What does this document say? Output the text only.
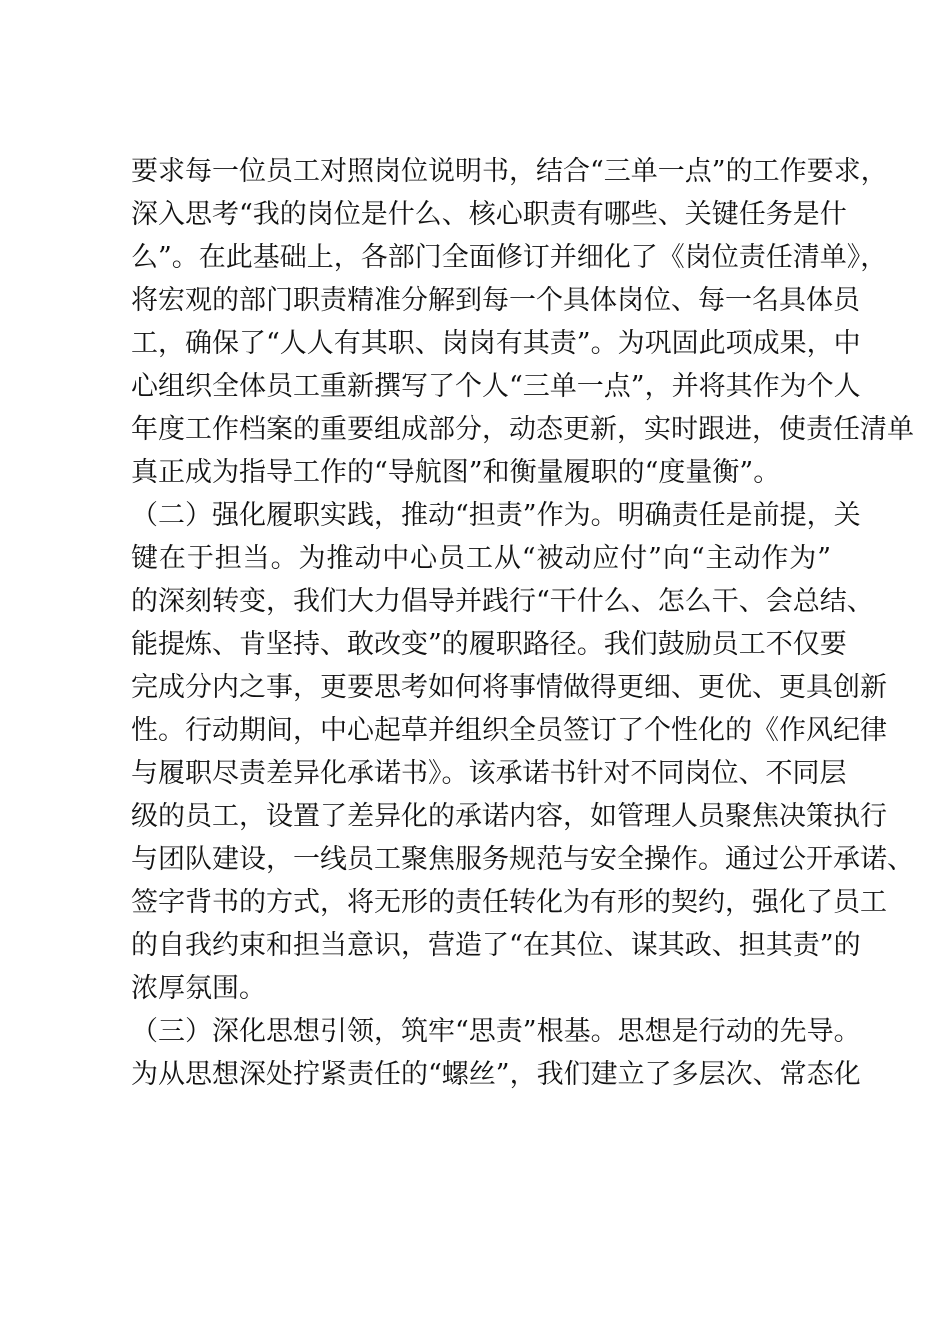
要求每一位员工对照岗位说明书，结合“三单一点”的工作要求，
深入思考“我的岗位是什么、核心职责有哪些、关键任务是什
么”。在此基础上，各部门全面修订并细化了《岗位责任清单》，
将宏观的部门职责精准分解到每一个具体岗位、每一名具体员
工，确保了“人人有其职、岗岗有其责”。为巩固此项成果，中
心组织全体员工重新撰写了个人“三单一点”，并将其作为个人
年度工作档案的重要组成部分，动态更新，实时跟进，使责任清单
真正成为指导工作的“导航图”和衡量履职的“度量衡”。
（二）强化履职实践，推动“担责”作为。明确责任是前提，关
键在于担当。为推动中心员工从“被动应付”向“主动作为”
的深刻转变，我们大力倡导并践行“干什么、怎么干、会总结、
能提炼、肯坚持、敢改变”的履职路径。我们鼓励员工不仅要
完成分内之事，更要思考如何将事情做得更细、更优、更具创新
性。行动期间，中心起草并组织全员签订了个性化的《作风纪律
与履职尽责差异化承诺书》。该承诺书针对不同岗位、不同层
级的员工，设置了差异化的承诺内容，如管理人员聚焦决策执行
与团队建设，一线员工聚焦服务规范与安全操作。通过公开承诺、
签字背书的方式，将无形的责任转化为有形的契约，强化了员工
的自我约束和担当意识，营造了“在其位、谋其政、担其责”的
浓厚氛围。
（三）深化思想引领，筑牢“思责”根基。思想是行动的先导。
为从思想深处拧紧责任的“螺丝”，我们建立了多层次、常态化
